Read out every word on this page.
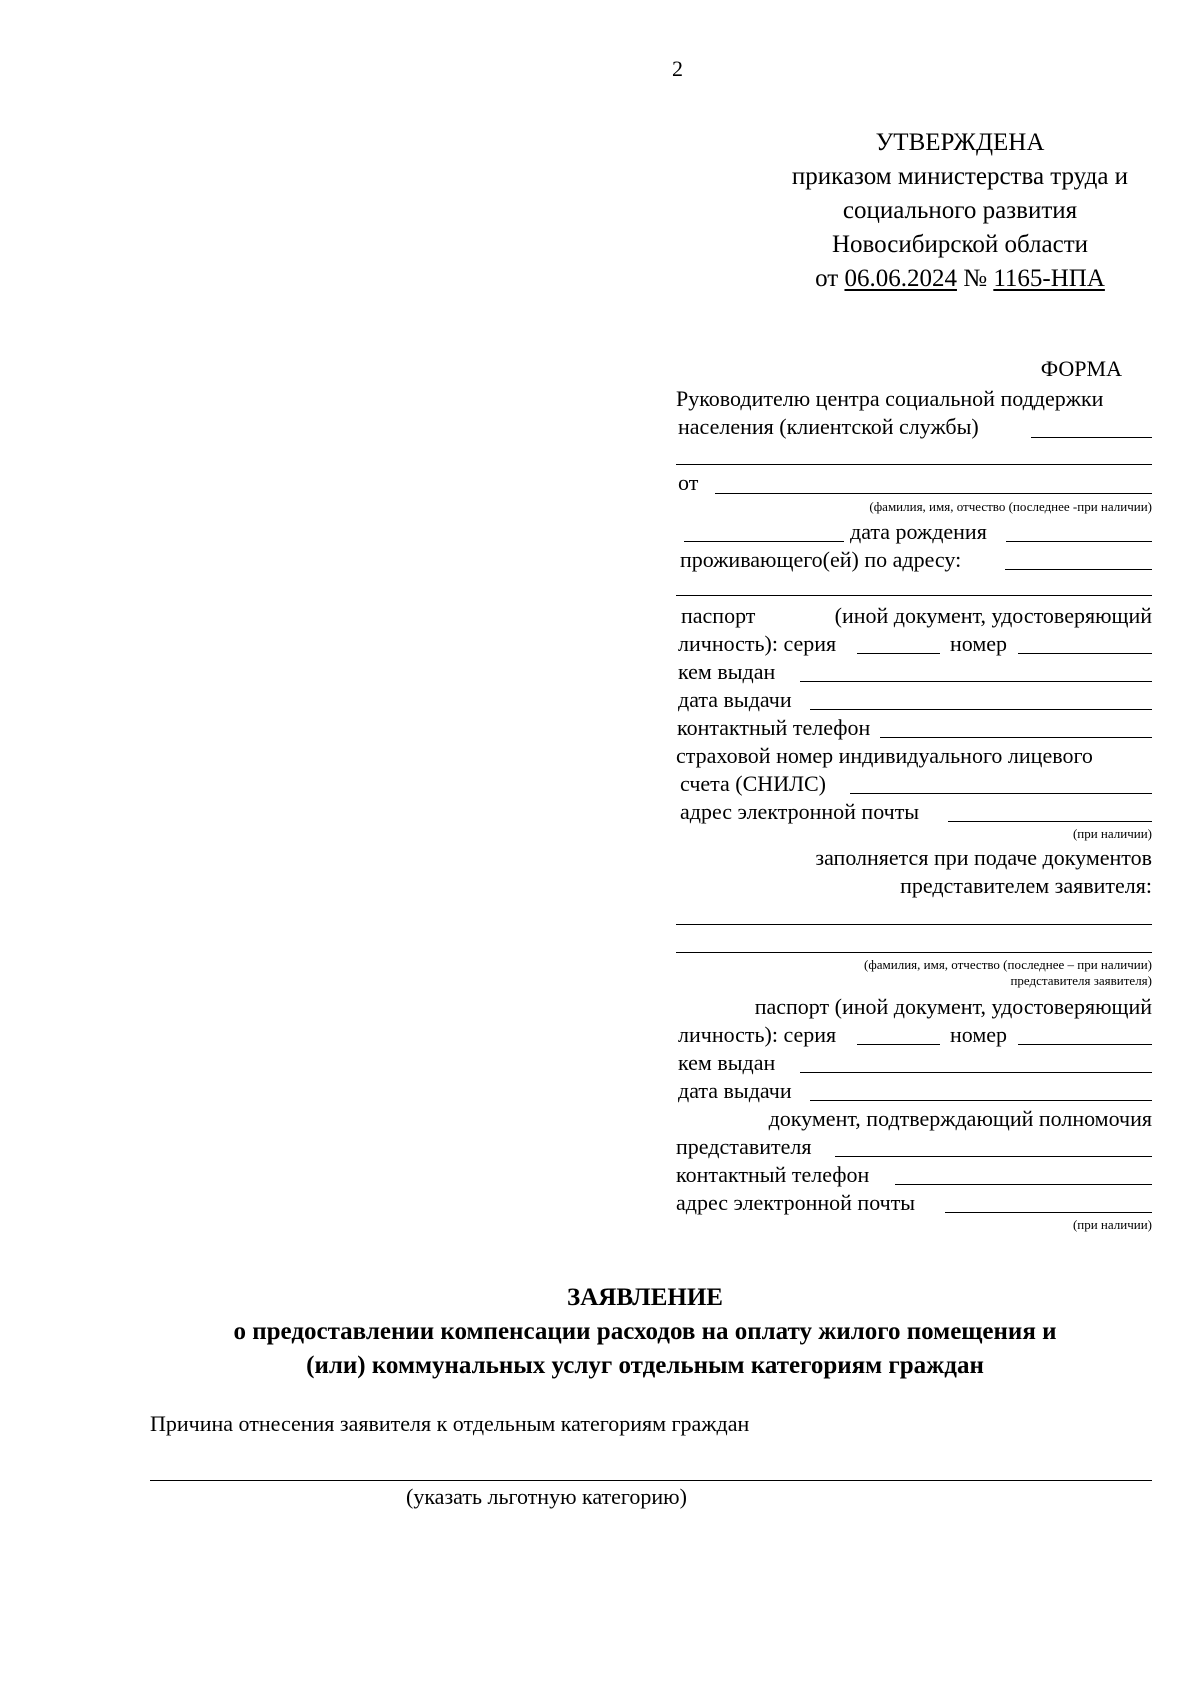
2
УТВЕРЖДЕНА
приказом министерства труда и
социального развития
Новосибирской области
от 06.06.2024 № 1165-НПА
ФОРМА
Руководителю центра социальной поддержки
населения (клиентской службы)
от
(фамилия, имя, отчество (последнее -при наличии)
дата рождения
проживающего(ей) по адресу:
паспорт	(иной документ, удостоверяющий
личность): серия	номер
кем выдан
дата выдачи
контактный телефон
страховой номер индивидуального лицевого
счета (СНИЛС)
адрес электронной почты
(при наличии)
заполняется при подаче документов
представителем заявителя:
(фамилия, имя, отчество (последнее – при наличии)
представителя заявителя)
паспорт (иной документ, удостоверяющий
личность): серия	номер
кем выдан
дата выдачи
документ, подтверждающий полномочия
представителя
контактный телефон
адрес электронной почты
(при наличии)
ЗАЯВЛЕНИЕ
о предоставлении компенсации расходов на оплату жилого помещения и
(или) коммунальных услуг отдельным категориям граждан
Причина отнесения заявителя к отдельным категориям граждан
(указать льготную категорию)
